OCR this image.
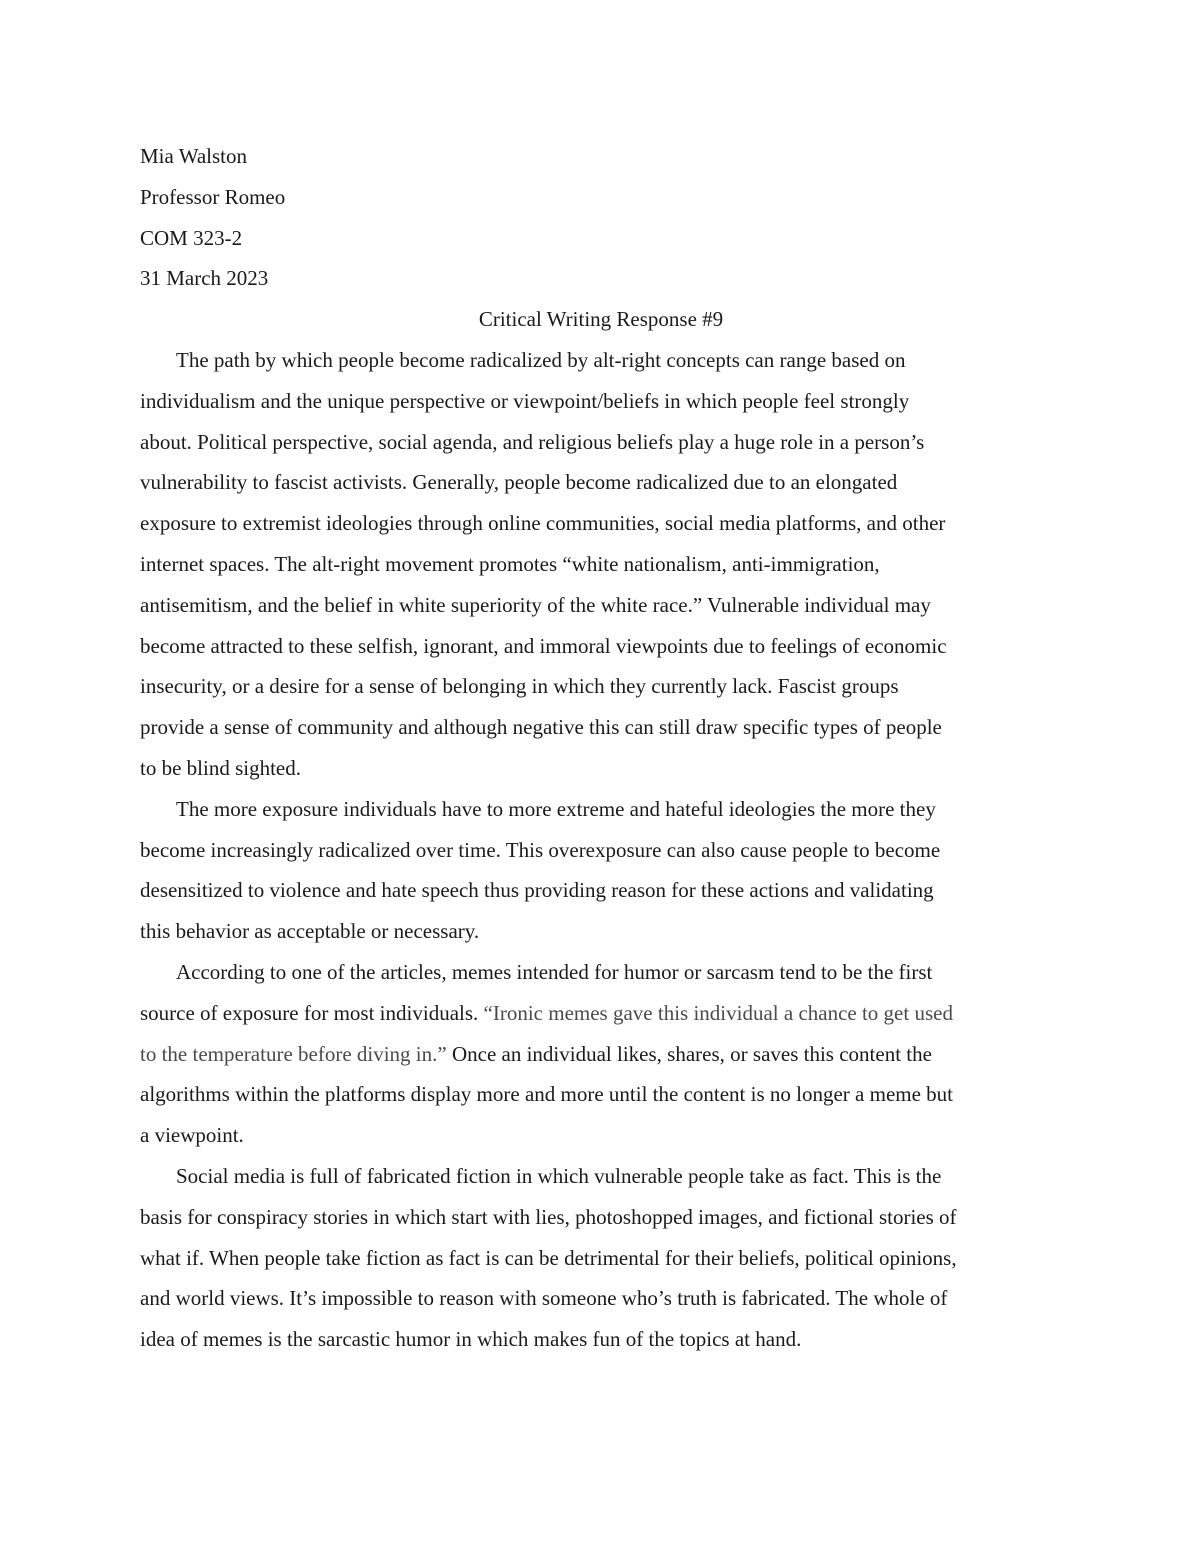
Mia Walston

Professor Romeo

COM 323-2

31 March 2023

Critical Writing Response #9

The path by which people become radicalized by alt-right concepts can range based on
individualism and the unique perspective or viewpoint/beliefs in which people feel strongly
about. Political perspective, social agenda, and religious beliefs play a huge role in a person’s
vulnerability to fascist activists. Generally, people become radicalized due to an elongated
exposure to extremist ideologies through online communities, social media platforms, and other
internet spaces. The alt-right movement promotes “white nationalism, anti-immigration,
antisemitism, and the belief in white superiority of the white race.” Vulnerable individual may
become attracted to these selfish, ignorant, and immoral viewpoints due to feelings of economic
insecurity, or a desire for a sense of belonging in which they currently lack. Fascist groups
provide a sense of community and although negative this can still draw specific types of people
to be blind sighted.

The more exposure individuals have to more extreme and hateful ideologies the more they
become increasingly radicalized over time. This overexposure can also cause people to become
desensitized to violence and hate speech thus providing reason for these actions and validating
this behavior as acceptable or necessary.

According to one of the articles, memes intended for humor or sarcasm tend to be the first
source of exposure for most individuals. “Ironic memes gave this individual a chance to get used
to the temperature before diving in.” Once an individual likes, shares, or saves this content the
algorithms within the platforms display more and more until the content is no longer a meme but
a viewpoint.

Social media is full of fabricated fiction in which vulnerable people take as fact. This is the
basis for conspiracy stories in which start with lies, photoshopped images, and fictional stories of
what if. When people take fiction as fact is can be detrimental for their beliefs, political opinions,
and world views. It’s impossible to reason with someone who’s truth is fabricated. The whole of
idea of memes is the sarcastic humor in which makes fun of the topics at hand.
